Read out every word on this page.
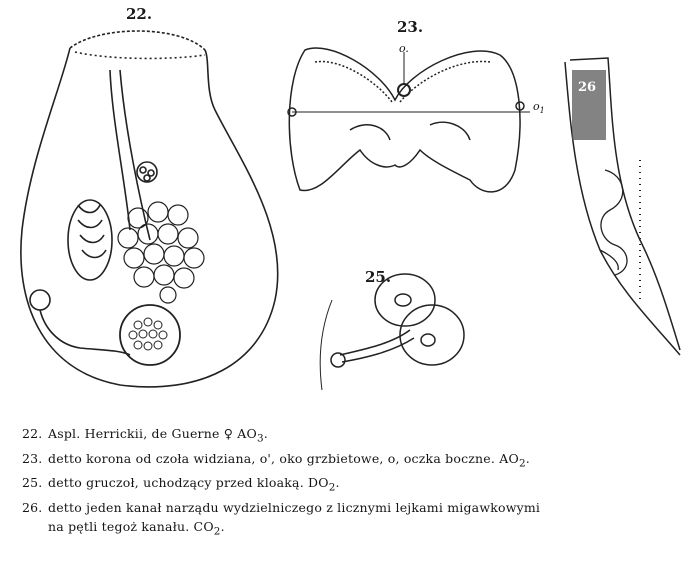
22.
23.
25.
26
o.
$o_1$
22. Aspl. Herrickii, de Guerne ♀ $AO_3$.
23. detto korona od czoła widziana, o', oko grzbietowe, o, oczka boczne. $AO_2$.
25. detto gruczoł, uchodzący przed kloaką. $DO_2$.
26. detto jeden kanał narządu wydzielniczego z licznymi lejkami migawkowymi
na pętli tegoż kanału. $CO_2$.
